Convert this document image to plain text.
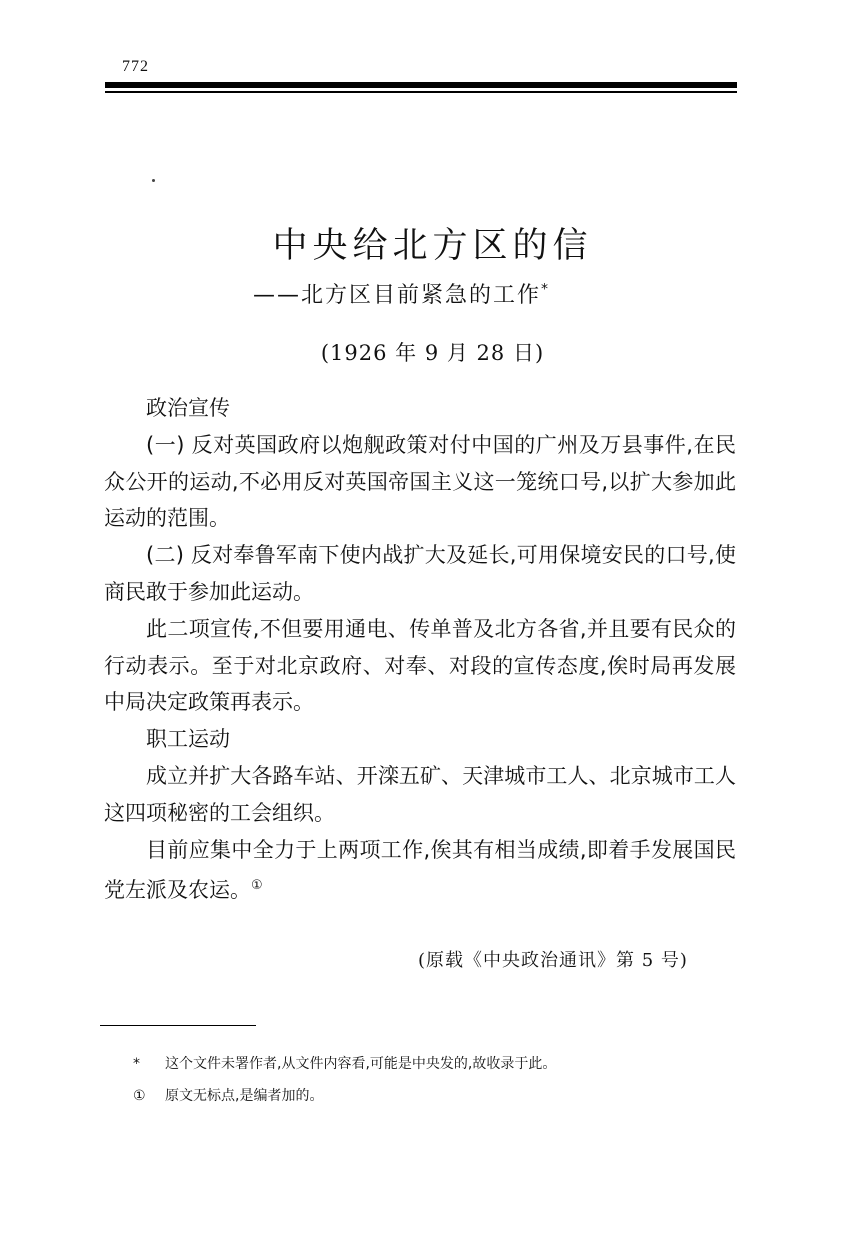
772
中央给北方区的信
——北方区目前紧急的工作*
(1926 年 9 月 28 日)

政治宣传

(一) 反对英国政府以炮舰政策对付中国的广州及万县事件,在民众公开的运动,不必用反对英国帝国主义这一笼统口号,以扩大参加此运动的范围。

(二) 反对奉鲁军南下使内战扩大及延长,可用保境安民的口号,使商民敢于参加此运动。

此二项宣传,不但要用通电、传单普及北方各省,并且要有民众的行动表示。至于对北京政府、对奉、对段的宣传态度,俟时局再发展中局决定政策再表示。

职工运动

成立并扩大各路车站、开滦五矿、天津城市工人、北京城市工人这四项秘密的工会组织。

目前应集中全力于上两项工作,俟其有相当成绩,即着手发展国民党左派及农运。①

(原载《中央政治通讯》第 5 号)
* 这个文件未署作者,从文件内容看,可能是中央发的,故收录于此。
① 原文无标点,是编者加的。
